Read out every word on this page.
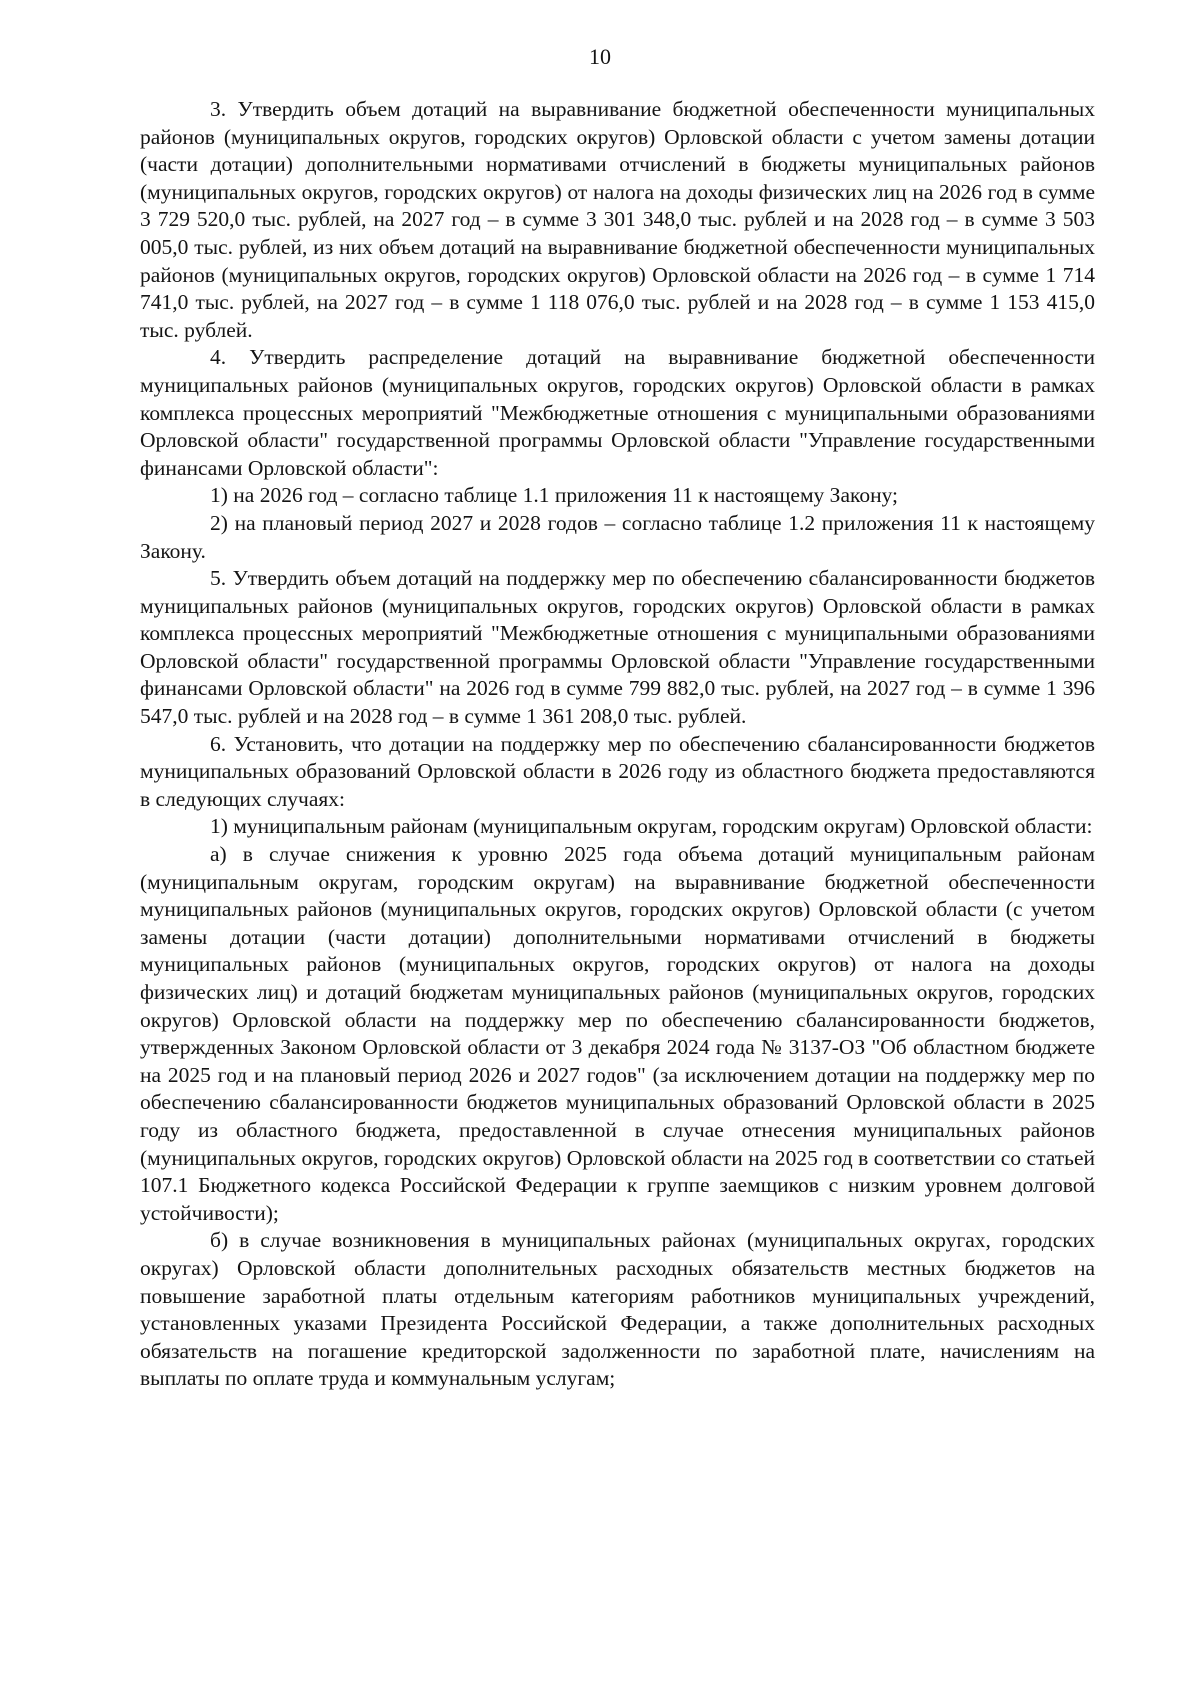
10

3. Утвердить объем дотаций на выравнивание бюджетной обеспеченности муниципальных районов (муниципальных округов, городских округов) Орловской области с учетом замены дотации (части дотации) дополнительными нормативами отчислений в бюджеты муниципальных районов (муниципальных округов, городских округов) от налога на доходы физических лиц на 2026 год в сумме 3 729 520,0 тыс. рублей, на 2027 год – в сумме 3 301 348,0 тыс. рублей и на 2028 год – в сумме 3 503 005,0 тыс. рублей, из них объем дотаций на выравнивание бюджетной обеспеченности муниципальных районов (муниципальных округов, городских округов) Орловской области на 2026 год – в сумме 1 714 741,0 тыс. рублей, на 2027 год – в сумме 1 118 076,0 тыс. рублей и на 2028 год – в сумме 1 153 415,0 тыс. рублей.

4. Утвердить распределение дотаций на выравнивание бюджетной обеспеченности муниципальных районов (муниципальных округов, городских округов) Орловской области в рамках комплекса процессных мероприятий "Межбюджетные отношения с муниципальными образованиями Орловской области" государственной программы Орловской области "Управление государственными финансами Орловской области":

1) на 2026 год – согласно таблице 1.1 приложения 11 к настоящему Закону;

2) на плановый период 2027 и 2028 годов – согласно таблице 1.2 приложения 11 к настоящему Закону.

5. Утвердить объем дотаций на поддержку мер по обеспечению сбалансированности бюджетов муниципальных районов (муниципальных округов, городских округов) Орловской области в рамках комплекса процессных мероприятий "Межбюджетные отношения с муниципальными образованиями Орловской области" государственной программы Орловской области "Управление государственными финансами Орловской области" на 2026 год в сумме 799 882,0 тыс. рублей, на 2027 год – в сумме 1 396 547,0 тыс. рублей и на 2028 год – в сумме 1 361 208,0 тыс. рублей.

6. Установить, что дотации на поддержку мер по обеспечению сбалансированности бюджетов муниципальных образований Орловской области в 2026 году из областного бюджета предоставляются в следующих случаях:

1) муниципальным районам (муниципальным округам, городским округам) Орловской области:

а) в случае снижения к уровню 2025 года объема дотаций муниципальным районам (муниципальным округам, городским округам) на выравнивание бюджетной обеспеченности муниципальных районов (муниципальных округов, городских округов) Орловской области (с учетом замены дотации (части дотации) дополнительными нормативами отчислений в бюджеты муниципальных районов (муниципальных округов, городских округов) от налога на доходы физических лиц) и дотаций бюджетам муниципальных районов (муниципальных округов, городских округов) Орловской области на поддержку мер по обеспечению сбалансированности бюджетов, утвержденных Законом Орловской области от 3 декабря 2024 года № 3137-ОЗ "Об областном бюджете на 2025 год и на плановый период 2026 и 2027 годов" (за исключением дотации на поддержку мер по обеспечению сбалансированности бюджетов муниципальных образований Орловской области в 2025 году из областного бюджета, предоставленной в случае отнесения муниципальных районов (муниципальных округов, городских округов) Орловской области на 2025 год в соответствии со статьей 107.1 Бюджетного кодекса Российской Федерации к группе заемщиков с низким уровнем долговой устойчивости);

б) в случае возникновения в муниципальных районах (муниципальных округах, городских округах) Орловской области дополнительных расходных обязательств местных бюджетов на повышение заработной платы отдельным категориям работников муниципальных учреждений, установленных указами Президента Российской Федерации, а также дополнительных расходных обязательств на погашение кредиторской задолженности по заработной плате, начислениям на выплаты по оплате труда и коммунальным услугам;
